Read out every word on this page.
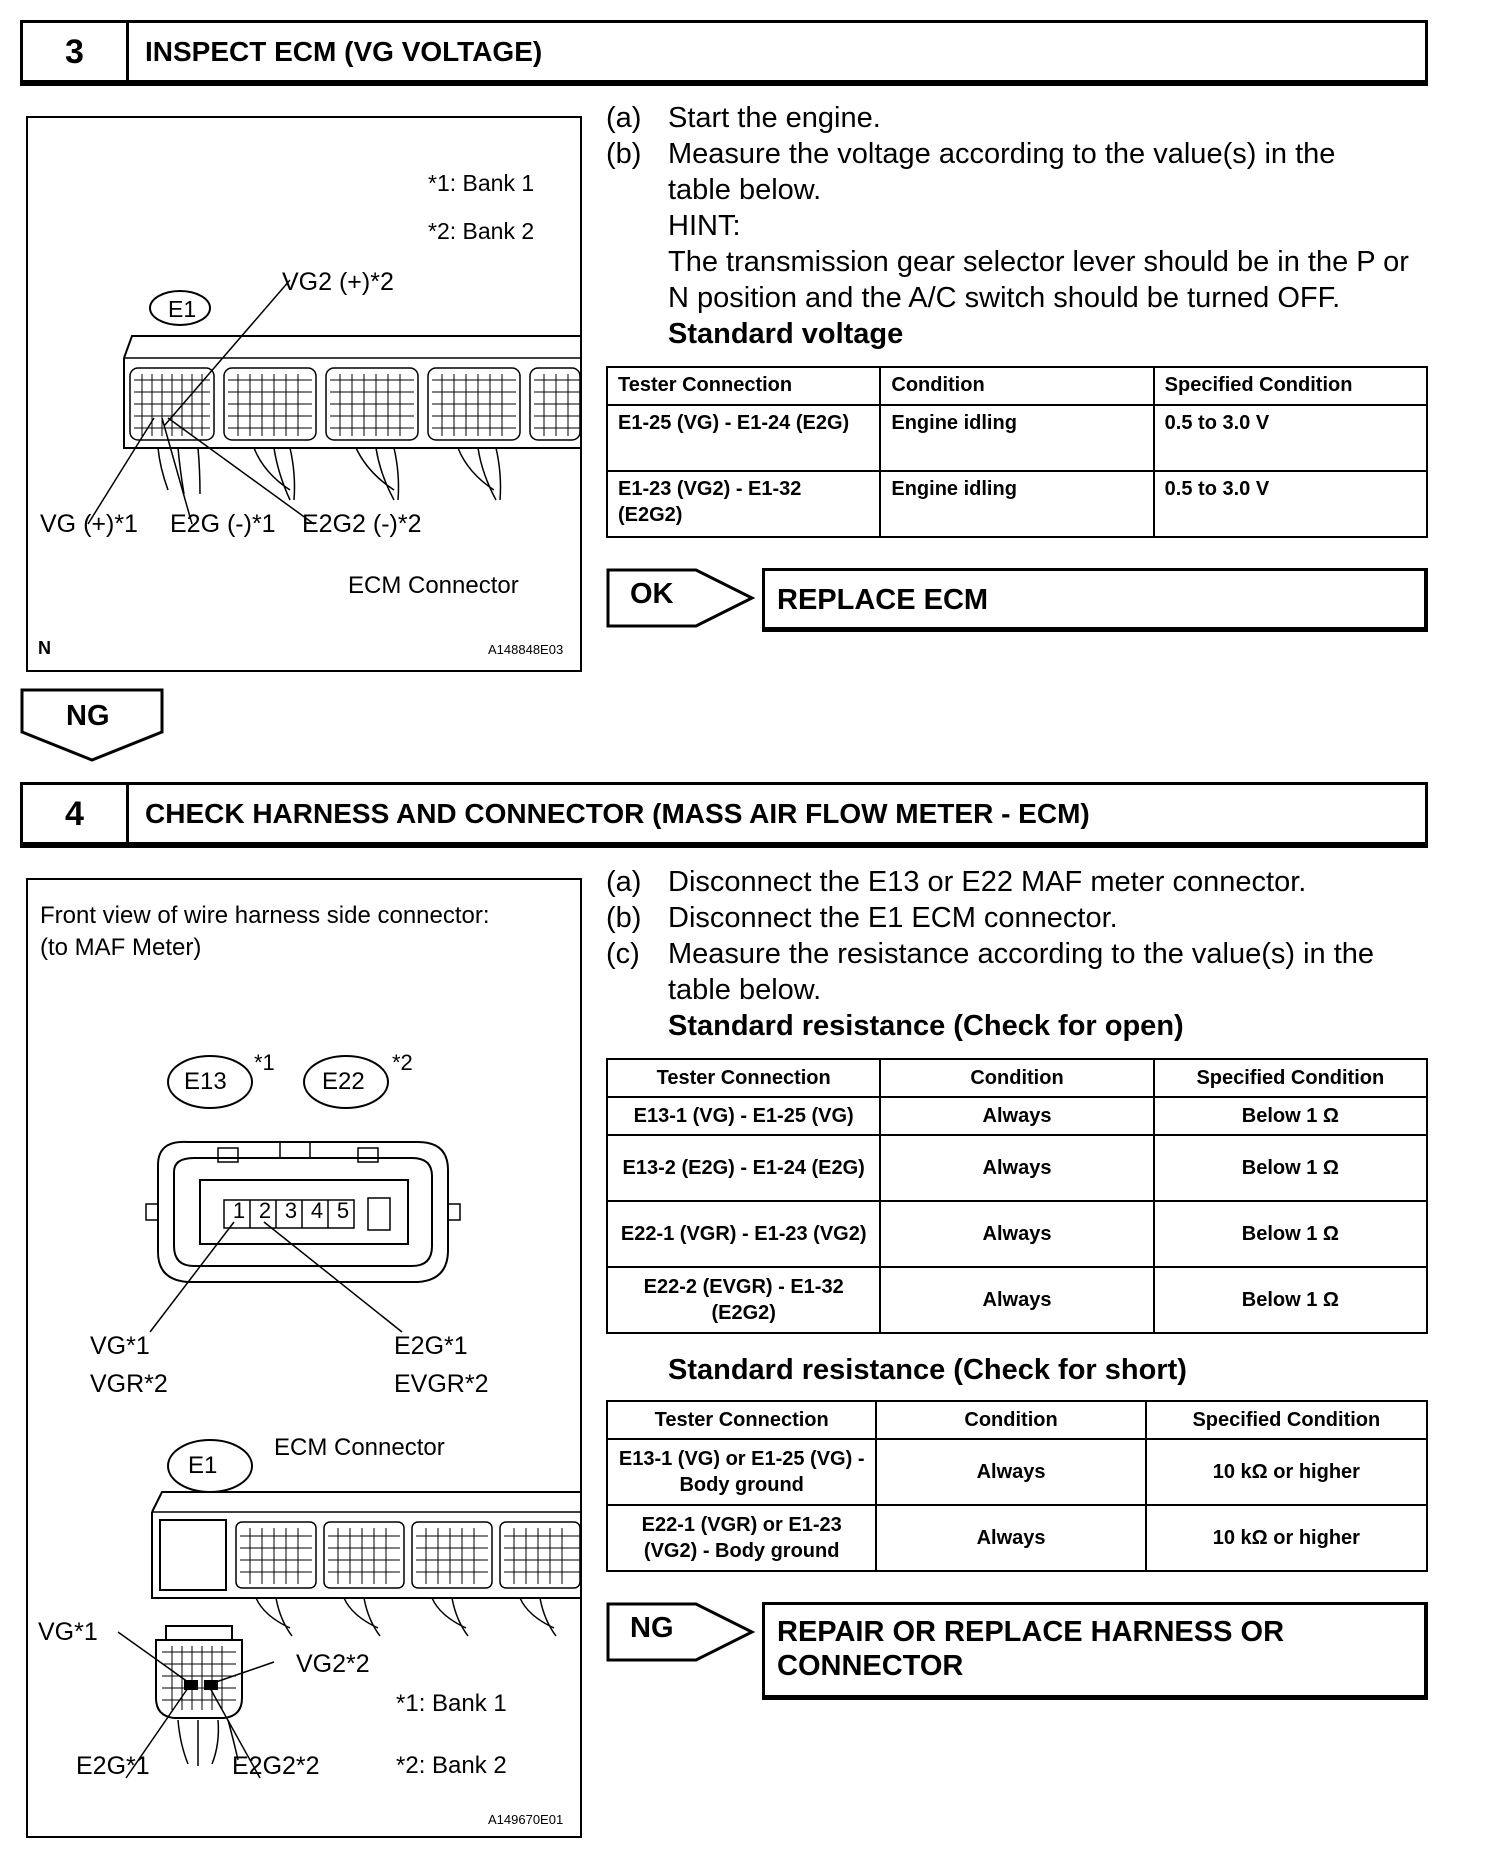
3	INSPECT ECM (VG VOLTAGE)
*1: Bank 1
*2: Bank 2
E1
VG2 (+)*2
VG (+)*1 E2G (-)*1 E2G2 (-)*2
ECM Connector
N	A148848E03
(a) Start the engine.
(b) Measure the voltage according to the value(s) in the table below.
HINT:
The transmission gear selector lever should be in the P or N position and the A/C switch should be turned OFF.
Standard voltage
Tester Connection	Condition	Specified Condition
E1-25 (VG) - E1-24 (E2G)	Engine idling	0.5 to 3.0 V
E1-23 (VG2) - E1-32 (E2G2)	Engine idling	0.5 to 3.0 V
OK	REPLACE ECM
NG
4	CHECK HARNESS AND CONNECTOR (MASS AIR FLOW METER - ECM)
Front view of wire harness side connector:
(to MAF Meter)
E13
*1
E22
*2
1 2 3 4 5
VG*1
VGR*2
E2G*1
EVGR*2
E1
ECM Connector
VG*1
VG2*2
E2G*1	E2G2*2
*1: Bank 1
*2: Bank 2
A149670E01
(a) Disconnect the E13 or E22 MAF meter connector.
(b) Disconnect the E1 ECM connector.
(c) Measure the resistance according to the value(s) in the table below.
Standard resistance (Check for open)
Tester Connection	Condition	Specified Condition
E13-1 (VG) - E1-25 (VG)	Always	Below 1 Ω
E13-2 (E2G) - E1-24 (E2G)	Always	Below 1 Ω
E22-1 (VGR) - E1-23 (VG2)	Always	Below 1 Ω
E22-2 (EVGR) - E1-32 (E2G2)	Always	Below 1 Ω
Standard resistance (Check for short)
Tester Connection	Condition	Specified Condition
E13-1 (VG) or E1-25 (VG) - Body ground	Always	10 kΩ or higher
E22-1 (VGR) or E1-23 (VG2) - Body ground	Always	10 kΩ or higher
NG	REPAIR OR REPLACE HARNESS OR
CONNECTOR
